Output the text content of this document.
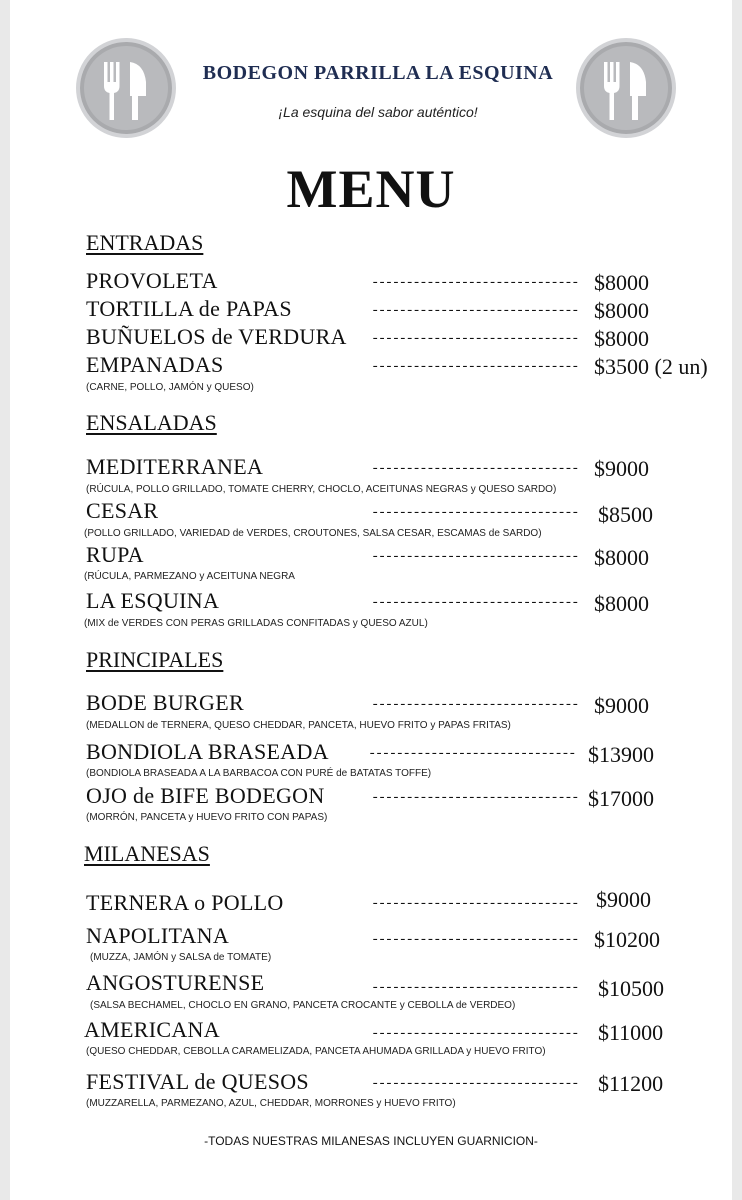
BODEGON PARRILLA LA ESQUINA
¡La esquina del sabor auténtico!
MENU
ENTRADAS
PROVOLETA	------------------------------ $8000
TORTILLA de PAPAS	------------------------------ $8000
BUÑUELOS de VERDURA ------------------------------ $8000
EMPANADAS	------------------------------ $3500 (2 un)
(CARNE, POLLO, JAMÓN y QUESO)
ENSALADAS
MEDITERRANEA	------------------------------ $9000
(RÚCULA, POLLO GRILLADO, TOMATE CHERRY, CHOCLO, ACEITUNAS NEGRAS y QUESO SARDO)
CESAR	------------------------------ $8500
(POLLO GRILLADO, VARIEDAD de VERDES, CROUTONES, SALSA CESAR, ESCAMAS de SARDO)
RUPA	------------------------------ $8000
(RÚCULA, PARMEZANO y ACEITUNA NEGRA
LA ESQUINA	------------------------------ $8000
(MIX de VERDES CON PERAS GRILLADAS CONFITADAS y QUESO AZUL)
PRINCIPALES
BODE BURGER	------------------------------ $9000
(MEDALLON de TERNERA, QUESO CHEDDAR, PANCETA, HUEVO FRITO y PAPAS FRITAS)
BONDIOLA BRASEADA	------------------------------ $13900
(BONDIOLA BRASEADA A LA BARBACOA CON PURÉ de BATATAS TOFFE)
OJO de BIFE BODEGON	------------------------------ $17000
(MORRÓN, PANCETA y HUEVO FRITO CON PAPAS)
MILANESAS
TERNERA o POLLO	------------------------------ $9000
NAPOLITANA	------------------------------ $10200
(MUZZA, JAMÓN y SALSA de TOMATE)
ANGOSTURENSE	------------------------------ $10500
(SALSA BECHAMEL, CHOCLO EN GRANO, PANCETA CROCANTE y CEBOLLA de VERDEO)
AMERICANA	------------------------------ $11000
(QUESO CHEDDAR, CEBOLLA CARAMELIZADA, PANCETA AHUMADA GRILLADA y HUEVO FRITO)
FESTIVAL de QUESOS	------------------------------ $11200
(MUZZARELLA, PARMEZANO, AZUL, CHEDDAR, MORRONES y HUEVO FRITO)
-TODAS NUESTRAS MILANESAS INCLUYEN GUARNICION-
